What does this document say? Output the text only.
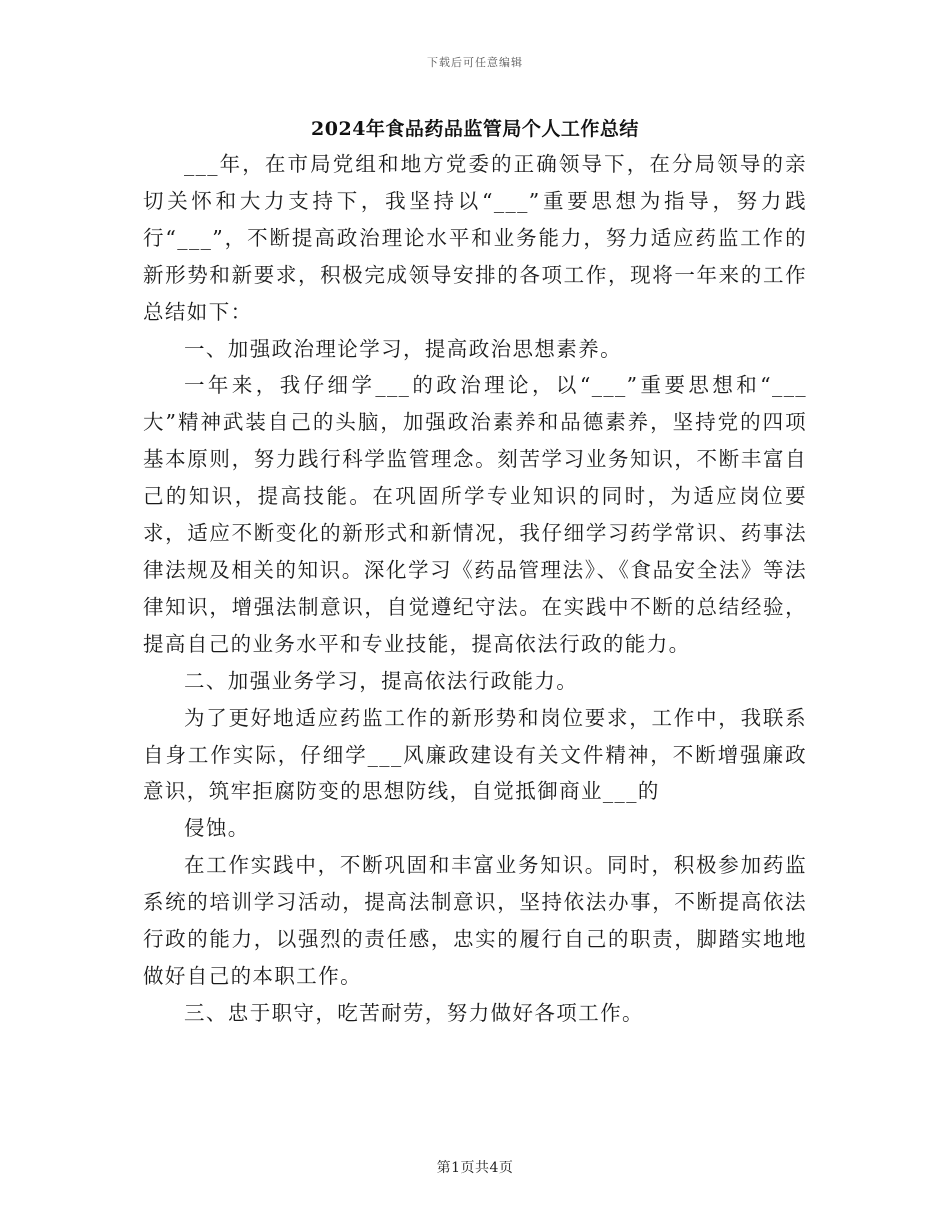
下载后可任意编辑
2024年食品药品监管局个人工作总结

___年，在市局党组和地方党委的正确领导下，在分局领导的亲切关怀和大力支持下，我坚持以“___”重要思想为指导，努力践行“___”，不断提高政治理论水平和业务能力，努力适应药监工作的新形势和新要求，积极完成领导安排的各项工作，现将一年来的工作总结如下：

一、加强政治理论学习，提高政治思想素养。

一年来，我仔细学___的政治理论，以“___”重要思想和“___大”精神武装自己的头脑，加强政治素养和品德素养，坚持党的四项基本原则，努力践行科学监管理念。刻苦学习业务知识，不断丰富自己的知识，提高技能。在巩固所学专业知识的同时，为适应岗位要求，适应不断变化的新形式和新情况，我仔细学习药学常识、药事法律法规及相关的知识。深化学习《药品管理法》、《食品安全法》等法律知识，增强法制意识，自觉遵纪守法。在实践中不断的总结经验，提高自己的业务水平和专业技能，提高依法行政的能力。

二、加强业务学习，提高依法行政能力。

为了更好地适应药监工作的新形势和岗位要求，工作中，我联系自身工作实际，仔细学___风廉政建设有关文件精神，不断增强廉政意识，筑牢拒腐防变的思想防线，自觉抵御商业___的

侵蚀。

在工作实践中，不断巩固和丰富业务知识。同时，积极参加药监系统的培训学习活动，提高法制意识，坚持依法办事，不断提高依法行政的能力，以强烈的责任感，忠实的履行自己的职责，脚踏实地地做好自己的本职工作。

三、忠于职守，吃苦耐劳，努力做好各项工作。

第1页共4页
